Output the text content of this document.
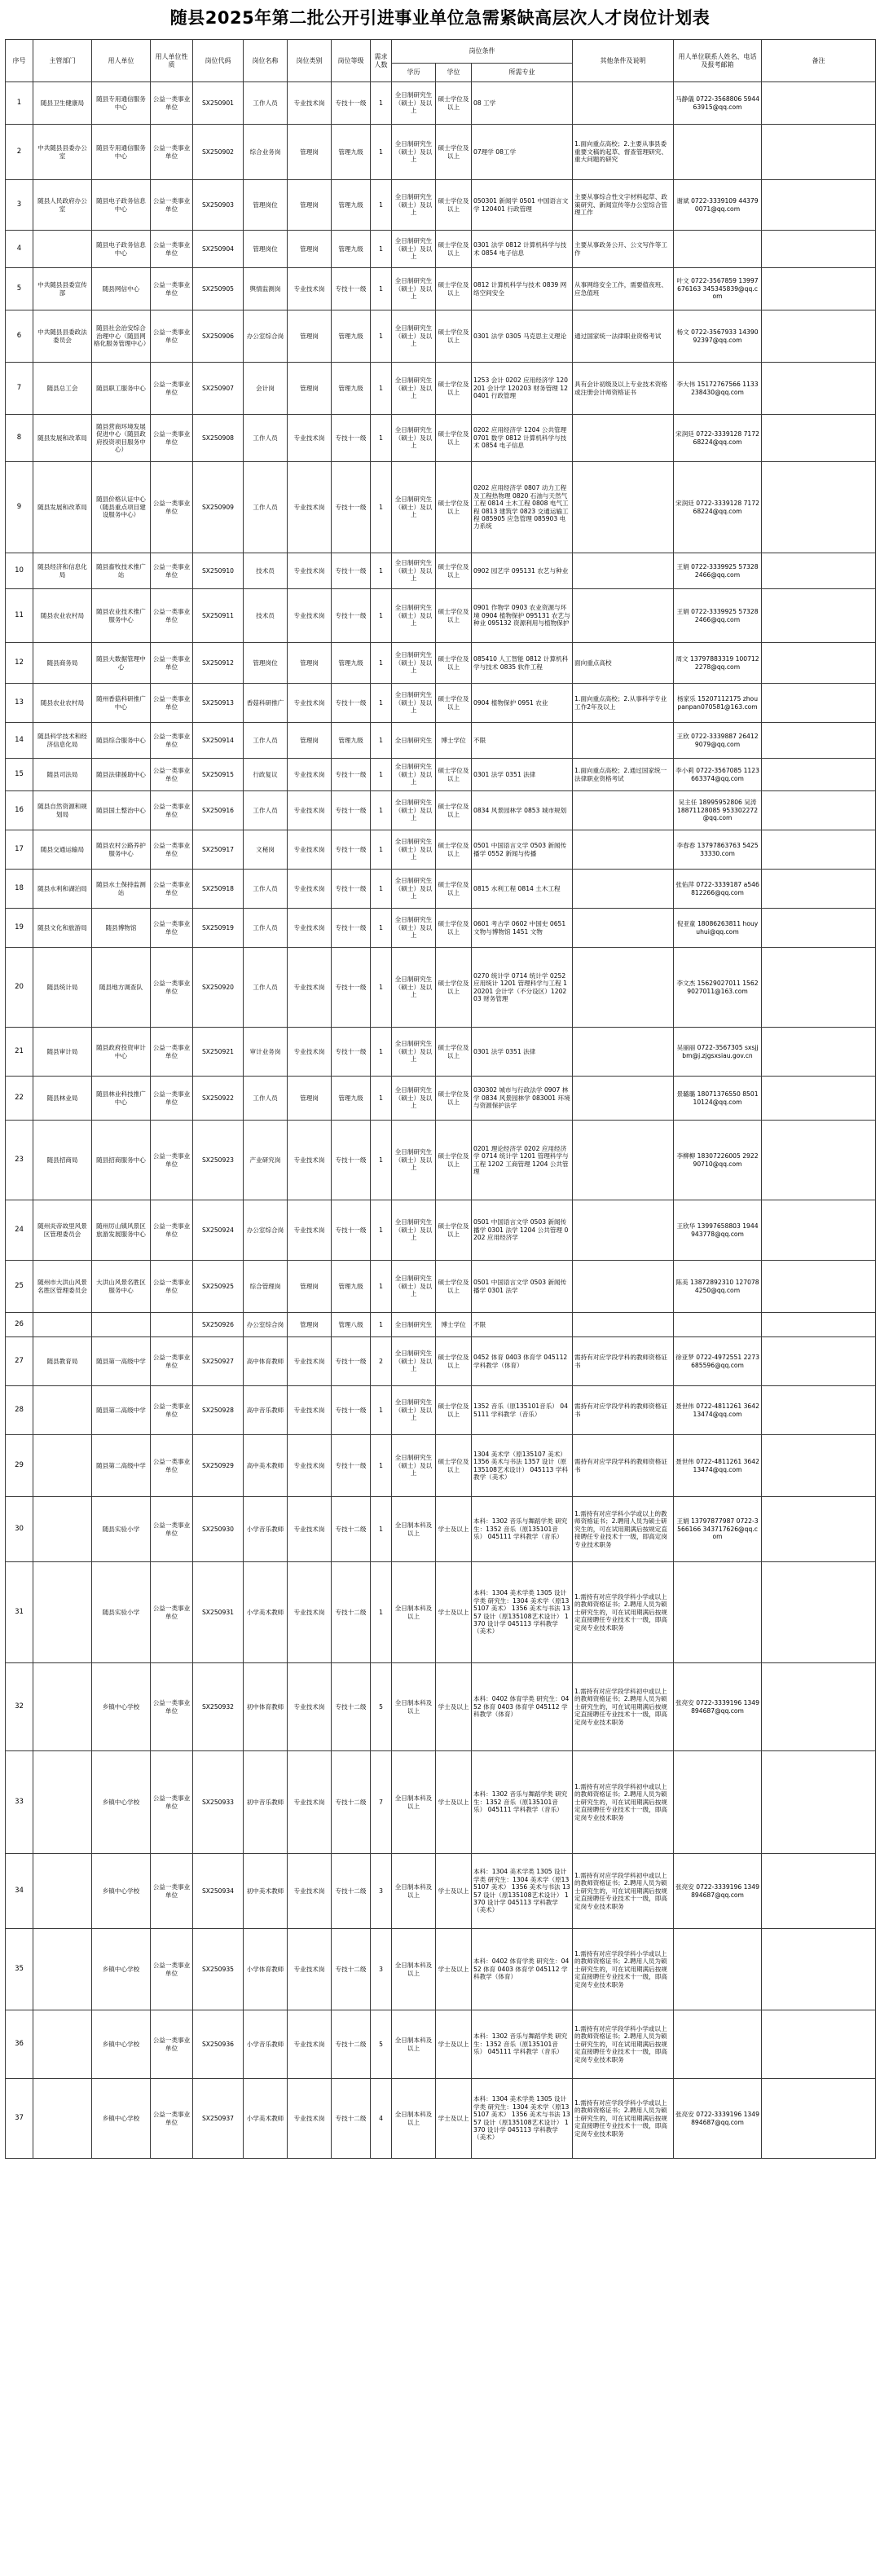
随县2025年第二批公开引进事业单位急需紧缺高层次人才岗位计划表
序号	主管部门	用人单位	用人单位性质	岗位代码	岗位名称	岗位类别	岗位等级	需求人数	岗位条件			其他条件及说明	用人单位联系人姓名、电话及报考邮箱	备注
									学历	学位	所需专业			
1	随县卫生健康局	随县专用通信服务中心	公益一类事业单位	SX250901	工作人员	专业技术岗	专技十一级	1	全日制研究生（硕士）及以上	硕士学位及以上	08 工学		马静儀 0722-3568806 594463915@qq.com	
2	中共随县县委办公室	随县专用通信服务中心	公益一类事业单位	SX250902	综合业务岗	管理岗	管理九级	1	全日制研究生（硕士）及以上	硕士学位及以上	07理学 08工学	1.面向重点高校；2.主要从事县委重要文稿的起草、督查管理研究、重大问题的研究		
3	随县人民政府办公室	随县电子政务信息中心	公益一类事业单位	SX250903	管理岗位	管理岗	管理九级	1	全日制研究生（硕士）及以上	硕士学位及以上	050301 新闻学 0501 中国语言文学 120401 行政管理	主要从事综合性文字材料起草、政策研究、新闻宣传等办公室综合管理工作	谢斌 0722-3339109 443790071@qq.com	
4		随县电子政务信息中心	公益一类事业单位	SX250904	管理岗位	管理岗	管理九级	1	全日制研究生（硕士）及以上	硕士学位及以上	0301 法学 0812 计算机科学与技术 0854 电子信息	主要从事政务公开、公文写作等工作		
5	中共随县县委宣传部	随县网信中心	公益一类事业单位	SX250905	舆情监测岗	专业技术岗	专技十一级	1	全日制研究生（硕士）及以上	硕士学位及以上	0812 计算机科学与技术 0839 网络空间安全	从事网络安全工作，需要值夜班、应急值班	叶文 0722-3567859 13997676163 345345839@qq.com	
6	中共随县县委政法委员会	随县社会治安综合治理中心（随县网格化服务管理中心）	公益一类事业单位	SX250906	办公室综合岗	管理岗	管理九级	1	全日制研究生（硕士）及以上	硕士学位及以上	0301 法学 0305 马克思主义理论	通过国家统一法律职业资格考试	杨文 0722-3567933 1439092397@qq.com	
7	随县总工会	随县职工服务中心	公益一类事业单位	SX250907	会计岗	管理岗	管理九级	1	全日制研究生（硕士）及以上	硕士学位及以上	1253 会计 0202 应用经济学 120201 会计学 120203 财务管理 120401 行政管理	具有会计初级及以上专业技术资格或注册会计师资格证书	李大伟 15172767566 1133238430@qq.com	
8	随县发展和改革局	随县营商环境发展促进中心（随县政府投资项目服务中心）	公益一类事业单位	SX250908	工作人员	专业技术岗	专技十一级	1	全日制研究生（硕士）及以上	硕士学位及以上	0202 应用经济学 1204 公共管理 0701 数学 0812 计算机科学与技术 0854 电子信息		宋润廷 0722-3339128 717268224@qq.com	
9	随县发展和改革局	随县价格认证中心（随县重点项目建设服务中心）	公益一类事业单位	SX250909	工作人员	专业技术岗	专技十一级	1	全日制研究生（硕士）及以上	硕士学位及以上	0202 应用经济学 0807 动力工程及工程热物理 0820 石油与天然气工程 0814 土木工程 0808 电气工程 0813 建筑学 0823 交通运输工程 085905 应急管理 085903 电力系统		宋润廷 0722-3339128 717268224@qq.com	
10	随县经济和信息化局	随县畜牧技术推广站	公益一类事业单位	SX250910	技术员	专业技术岗	专技十一级	1	全日制研究生（硕士）及以上	硕士学位及以上	0902 园艺学 095131 农艺与种业		王娟 0722-3339925 573282466@qq.com	
11	随县农业农村局	随县农业技术推广服务中心	公益一类事业单位	SX250911	技术员	专业技术岗	专技十一级	1	全日制研究生（硕士）及以上	硕士学位及以上	0901 作物学 0903 农业资源与环境 0904 植物保护 095131 农艺与种业 095132 资源利用与植物保护		王娟 0722-3339925 573282466@qq.com	
12	随县商务局	随县大数据管理中心	公益一类事业单位	SX250912	管理岗位	管理岗	管理九级	1	全日制研究生（硕士）及以上	硕士学位及以上	085410 人工智能 0812 计算机科学与技术 0835 软件工程	面向重点高校	周文 13797883319 1007122278@qq.com	
13	随县农业农村局	随州香菇科研推广中心	公益一类事业单位	SX250913	香菇科研推广	专业技术岗	专技十一级	1	全日制研究生（硕士）及以上	硕士学位及以上	0904 植物保护 0951 农业	1.面向重点高校；2.从事科学专业工作2年及以上	杨家乐 15207112175 zhoupanpan070581@163.com	
14	随县科学技术和经济信息化局	随县综合服务中心	公益一类事业单位	SX250914	工作人员	管理岗	管理九级	1	全日制研究生	博士学位	不限		王欣 0722-3339887 264129079@qq.com	
15	随县司法局	随县法律援助中心	公益一类事业单位	SX250915	行政复议	专业技术岗	专技十一级	1	全日制研究生（硕士）及以上	硕士学位及以上	0301 法学 0351 法律	1.面向重点高校；2.通过国家统一法律职业资格考试	李小莉 0722-3567085 1123663374@qq.com	
16	随县自然资源和规划局	随县国土整治中心	公益一类事业单位	SX250916	工作人员	专业技术岗	专技十一级	1	全日制研究生（硕士）及以上	硕士学位及以上	0834 风景园林学 0853 城市规划		吴主任 18995952806 吴涛 18871128085 953302272@qq.com	
17	随县交通运输局	随县农村公路养护服务中心	公益一类事业单位	SX250917	文秘岗	专业技术岗	专技十一级	1	全日制研究生（硕士）及以上	硕士学位及以上	0501 中国语言文学 0503 新闻传播学 0552 新闻与传播		李春春 13797863763 542533330.com	
18	随县水利和湖泊局	随县水土保持监测站	公益一类事业单位	SX250918	工作人员	专业技术岗	专技十一级	1	全日制研究生（硕士）及以上	硕士学位及以上	0815 水利工程 0814 土木工程		张佑萍 0722-3339187 a546812266@qq.com	
19	随县文化和旅游局	随县博物馆	公益一类事业单位	SX250919	工作人员	专业技术岗	专技十一级	1	全日制研究生（硕士）及以上	硕士学位及以上	0601 考古学 0602 中国史 0651 文物与博物馆 1451 文物		倪亚童 18086263811 houyuhui@qq.com	
20	随县统计局	随县地方调查队	公益一类事业单位	SX250920	工作人员	专业技术岗	专技十一级	1	全日制研究生（硕士）及以上	硕士学位及以上	0270 统计学 0714 统计学 0252 应用统计 1201 管理科学与工程 120201 会计学（不分设区）120203 财务管理		李文杰 15629027011 15629027011@163.com	
21	随县审计局	随县政府投资审计中心	公益一类事业单位	SX250921	审计业务岗	专业技术岗	专技十一级	1	全日制研究生（硕士）及以上	硕士学位及以上	0301 法学 0351 法律		吴丽丽 0722-3567305 sxsjjbm@j.zjgsxsiau.gov.cn	
22	随县林业局	随县林业科技推广中心	公益一类事业单位	SX250922	工作人员	管理岗	管理九级	1	全日制研究生（硕士）及以上	硕士学位及以上	030302 城市与行政法学 0907 林学 0834 风景园林学 083001 环境与资源保护法学		景璐璐 18071376550 850110124@qq.com	
23	随县招商局	随县招商服务中心	公益一类事业单位	SX250923	产业研究岗	专业技术岗	专技十一级	1	全日制研究生（硕士）及以上	硕士学位及以上	0201 理论经济学 0202 应用经济学 0714 统计学 1201 管理科学与工程 1202 工商管理 1204 公共管理		李柳柳 18307226005 292290710@qq.com	
24	随州炎帝故里风景区管理委员会	随州厉山镇风景区旅游发展服务中心	公益一类事业单位	SX250924	办公室综合岗	专业技术岗	专技十一级	1	全日制研究生（硕士）及以上	硕士学位及以上	0501 中国语言文学 0503 新闻传播学 0301 法学 1204 公共管理 0202 应用经济学		王欣华 13997658803 1944943778@qq.com	
25	随州市大洪山风景名胜区管理委员会	大洪山风景名胜区服务中心	公益一类事业单位	SX250925	综合管理岗	管理岗	管理九级	1	全日制研究生（硕士）及以上	硕士学位及以上	0501 中国语言文学 0503 新闻传播学 0301 法学		陈美 13872892310 1270784250@qq.com	
26				SX250926	办公室综合岗	管理岗	管理八级	1	全日制研究生	博士学位	不限			
27	随县教育局	随县第一高级中学	公益一类事业单位	SX250927	高中体育教师	专业技术岗	专技十一级	2	全日制研究生（硕士）及以上	硕士学位及以上	0452 体育 0403 体育学 045112 学科教学（体育）	需持有对应学段学科的教师资格证书	徐亚梦 0722-4972551 2273685596@qq.com	
28		随县第二高级中学	公益一类事业单位	SX250928	高中音乐教师	专业技术岗	专技十一级	1	全日制研究生（硕士）及以上	硕士学位及以上	1352 音乐（原135101音乐） 045111 学科教学（音乐）	需持有对应学段学科的教师资格证书	聂世伟 0722-4811261 364213474@qq.com	
29		随县第二高级中学	公益一类事业单位	SX250929	高中美术教师	专业技术岗	专技十一级	1	全日制研究生（硕士）及以上	硕士学位及以上	1304 美术学（原135107 美术） 1356 美术与书法 1357 设计（原135108艺术设计） 045113 学科教学（美术）	需持有对应学段学科的教师资格证书	聂世伟 0722-4811261 364213474@qq.com	
30		随县实验小学	公益一类事业单位	SX250930	小学音乐教师	专业技术岗	专技十二级	1	全日制本科及以上	学士及以上	本科：1302 音乐与舞蹈学类 研究生：1352 音乐（原135101音乐） 045111 学科教学（音乐）	1.需持有对应学科小学或以上的教师资格证书；2.聘用人员为硕士研究生的，可在试用期满后按规定直接聘任专业技术十一级，即高定岗专业技术职务	王娟 13797877987 0722-3566166 343717626@qq.com	
31		随县实验小学	公益一类事业单位	SX250931	小学美术教师	专业技术岗	专技十二级	1	全日制本科及以上	学士及以上	本科：1304 美术学类 1305 设计学类 研究生：1304 美术学（原135107 美术） 1356 美术与书法 1357 设计（原135108艺术设计） 1370 设计学 045113 学科教学（美术）	1.需持有对应学段学科小学或以上的教师资格证书；2.聘用人员为硕士研究生的，可在试用期满后按规定直接聘任专业技术十一级，即高定岗专业技术职务		
32		乡镇中心学校	公益一类事业单位	SX250932	初中体育教师	专业技术岗	专技十二级	5	全日制本科及以上	学士及以上	本科：0402 体育学类 研究生：0452 体育 0403 体育学 045112 学科教学（体育）	1.需持有对应学段学科初中或以上的教师资格证书；2.聘用人员为硕士研究生的，可在试用期满后按规定直接聘任专业技术十一级，即高定岗专业技术职务	张亮安 0722-3339196 1349894687@qq.com	
33		乡镇中心学校	公益一类事业单位	SX250933	初中音乐教师	专业技术岗	专技十二级	7	全日制本科及以上	学士及以上	本科：1302 音乐与舞蹈学类 研究生：1352 音乐（原135101音乐） 045111 学科教学（音乐）	1.需持有对应学段学科初中或以上的教师资格证书；2.聘用人员为硕士研究生的，可在试用期满后按规定直接聘任专业技术十一级，即高定岗专业技术职务		
34		乡镇中心学校	公益一类事业单位	SX250934	初中美术教师	专业技术岗	专技十二级	3	全日制本科及以上	学士及以上	本科：1304 美术学类 1305 设计学类 研究生：1304 美术学（原135107 美术） 1356 美术与书法 1357 设计（原135108艺术设计） 1370 设计学 045113 学科教学（美术）	1.需持有对应学段学科初中或以上的教师资格证书；2.聘用人员为硕士研究生的，可在试用期满后按规定直接聘任专业技术十一级，即高定岗专业技术职务	张亮安 0722-3339196 1349894687@qq.com	
35		乡镇中心学校	公益一类事业单位	SX250935	小学体育教师	专业技术岗	专技十二级	3	全日制本科及以上	学士及以上	本科：0402 体育学类 研究生：0452 体育 0403 体育学 045112 学科教学（体育）	1.需持有对应学段学科小学或以上的教师资格证书；2.聘用人员为硕士研究生的，可在试用期满后按规定直接聘任专业技术十一级，即高定岗专业技术职务		
36		乡镇中心学校	公益一类事业单位	SX250936	小学音乐教师	专业技术岗	专技十二级	5	全日制本科及以上	学士及以上	本科：1302 音乐与舞蹈学类 研究生：1352 音乐（原135101音乐） 045111 学科教学（音乐）	1.需持有对应学段学科小学或以上的教师资格证书；2.聘用人员为硕士研究生的，可在试用期满后按规定直接聘任专业技术十一级，即高定岗专业技术职务		
37		乡镇中心学校	公益一类事业单位	SX250937	小学美术教师	专业技术岗	专技十二级	4	全日制本科及以上	学士及以上	本科：1304 美术学类 1305 设计学类 研究生：1304 美术学（原135107 美术） 1356 美术与书法 1357 设计（原135108艺术设计） 1370 设计学 045113 学科教学（美术）	1.需持有对应学段学科小学或以上的教师资格证书；2.聘用人员为硕士研究生的，可在试用期满后按规定直接聘任专业技术十一级，即高定岗专业技术职务	张亮安 0722-3339196 1349894687@qq.com	
